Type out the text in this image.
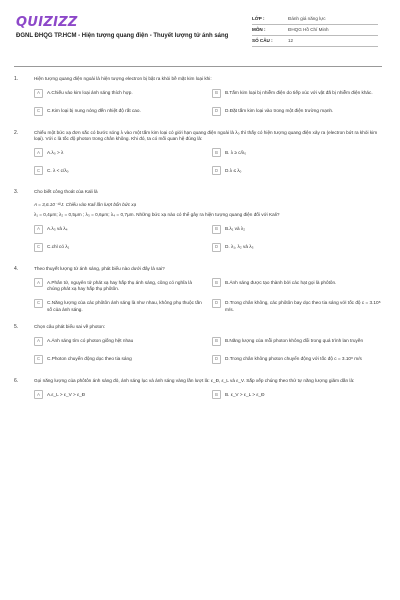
QUIZIZZ
ĐGNL ĐHQG TP.HCM - Hiện tượng quang điện - Thuyết lượng tử ánh sáng
LỚP :	Đánh giá năng lực
MÔN :	ĐHQG Hồ Chí Minh
SỐ CÂU :	12
1.	Hiện tượng quang điện ngoài là hiện tượng electron bị bật ra khỏi bề mặt kim loại khi:
A	A.Chiếu vào kim loại ánh sáng thích hợp.	B	B.Tấm kim loại bị nhiễm điện do tiếp xúc với vật đã bị nhiễm điện khác.
C	C.Kim loại bị nung nóng đến nhiệt độ rất cao.	D	D.Đặt tấm kim loại vào trong một điện trường mạnh.
2.	Chiếu một bức xạ đơn sắc có bước sóng λ vào một tấm kim loại có giới hạn quang điện ngoài là λ₀ thì thấy có hiện tượng quang điện xảy ra (electron bứt ra khỏi kim loại). Với c là tốc độ photon trong chân không. Khi đó, ta có mối quan hệ đúng là:
A	A.λ₀ > λ	B	B. λ ≥ c/λ₀
C	C. λ < c/λ₀	D	D.λ ≤ λ₀
3.	Cho biết công thoát của Kali là
A = 3,6.10⁻¹⁹J. Chiếu vào Kali lần lượt bốn bức xạ
λ₁ = 0,4μm; λ₂ = 0,5μm ; λ₃ = 0,6μm; λ₄ = 0,7μm. Những bức xạ nào có thể gây ra hiện tượng quang điện đối với Kali?
A	A.λ₃ và λ₄	B	B.λ₁ và λ₂
C	C.chỉ có λ₁	D	D. λ₁, λ₂ và λ₃
4.	Theo thuyết lượng tử ánh sáng, phát biểu nào dưới đây là sai?
A	A.Phân tử, nguyên tử phát xạ hay hấp thụ ánh sáng, cũng có nghĩa là chúng phát xạ hay hấp thụ phôtôn.
B	B.Ánh sáng được tạo thành bởi các hạt gọi là phôtôn.
C	C.Năng lượng của các phôtôn ánh sáng là như nhau, không phụ thuộc tần số của ánh sáng.
D	D.Trong chân không, các phôtôn bay dọc theo tia sáng với tốc độ c = 3.10⁸ m/s.
5.	Chọn câu phát biểu sai về photon:
A	A.Ánh sáng tím có photon giống hệt nhau	B	B.Năng lượng của mỗi photon không đổi trong quá trình lan truyền
C	C.Photon chuyển động dọc theo tia sáng	D	D.Trong chân không photon chuyển động với tốc độ c = 3.10⁸ m/s
6.	Gọi năng lượng của phôtôn ánh sáng đỏ, ánh sáng lục và ánh sáng vàng lần lượt là: ε_Đ, ε_L và ε_V. Sắp xếp chúng theo thứ tự năng lượng giảm dần là:
A	A.ε_L > ε_V > ε_Đ	B	B. ε_V > ε_L > ε_Đ
